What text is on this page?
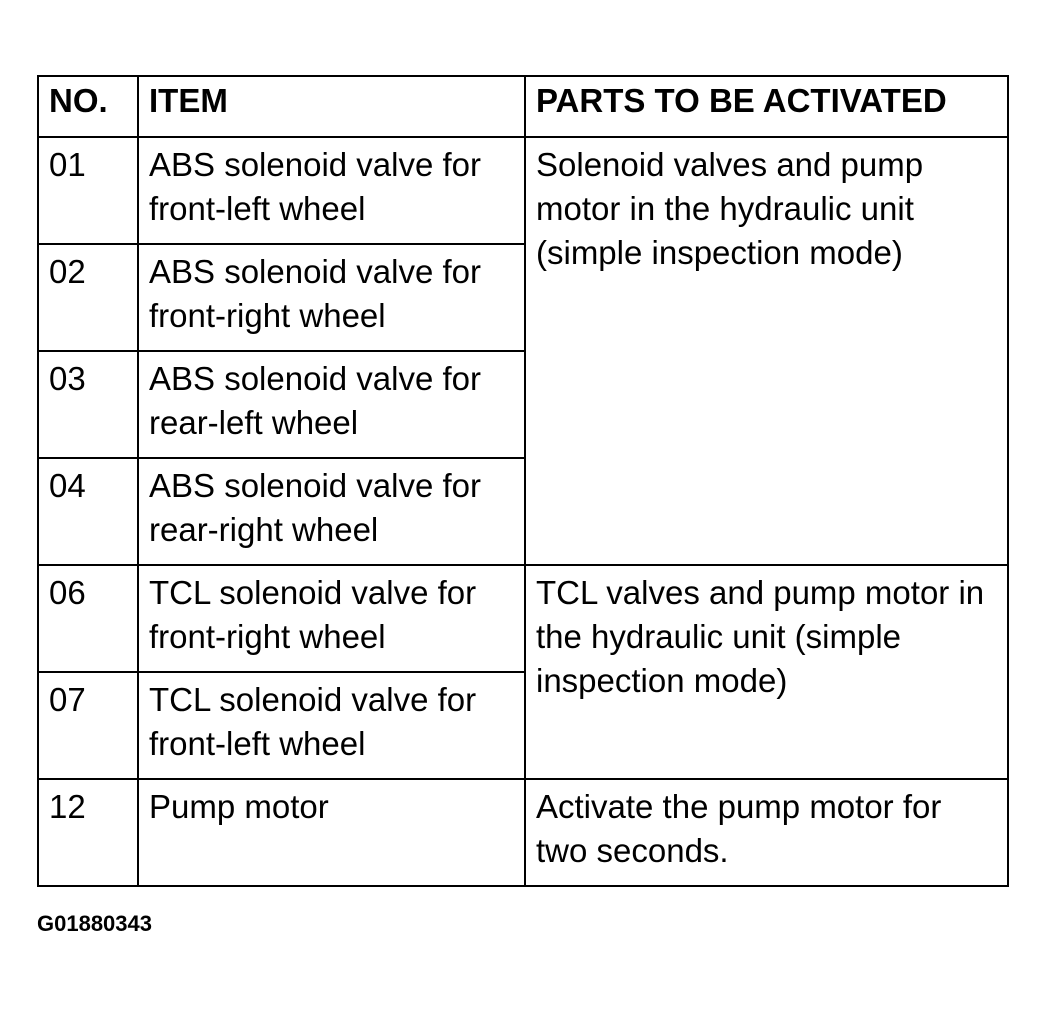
NO.	ITEM	PARTS TO BE ACTIVATED
01	ABS solenoid valve for front-left wheel	Solenoid valves and pump motor in the hydraulic unit (simple inspection mode)
02	ABS solenoid valve for front-right wheel	
03	ABS solenoid valve for rear-left wheel	
04	ABS solenoid valve for rear-right wheel	
06	TCL solenoid valve for front-right wheel	TCL valves and pump motor in the hydraulic unit (simple inspection mode)
07	TCL solenoid valve for front-left wheel	
12	Pump motor	Activate the pump motor for two seconds.
G01880343
